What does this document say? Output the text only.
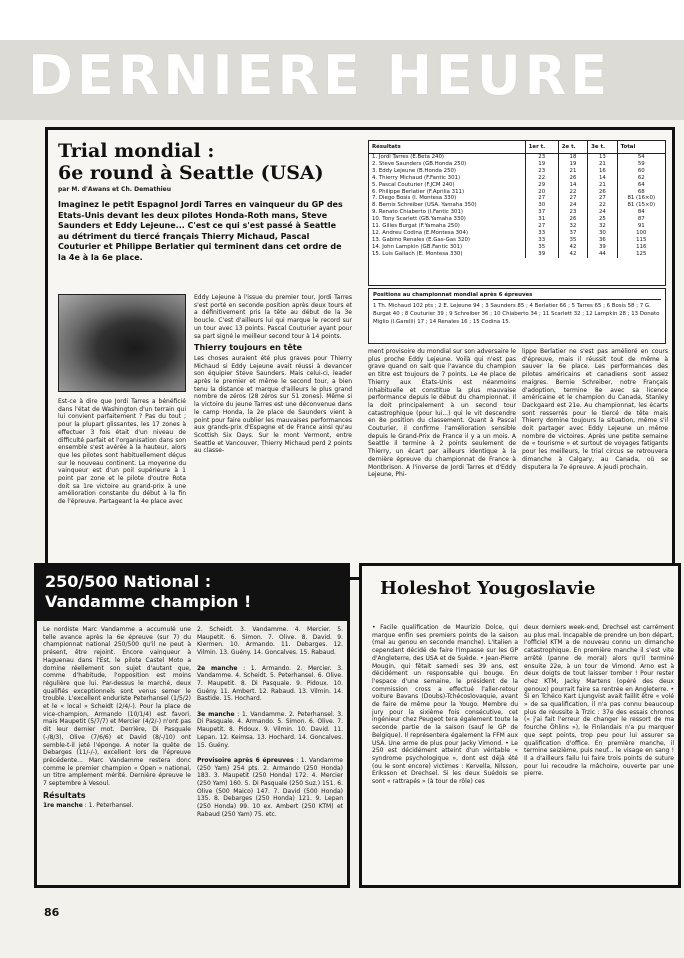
DERNIERE HEURE
Trial mondial :
6e round à Seattle (USA)
par M. d'Awans et Ch. Demathieu
Imaginez le petit Espagnol Jordi Tarres en vainqueur du GP des Etats-Unis devant les deux pilotes Honda-Roth mans, Steve Saunders et Eddy Lejeune... C'est ce qui s'est passé à Seattle au détriment du tiercé français Thierry Michaud, Pascal Couturier et Philippe Berlatier qui terminent dans cet ordre de la 4e à la 6e place.
Est-ce à dire que Jordi Tarres a bénéficié dans l'état de Washington d'un terrain qui lui convient parfaitement ? Pas du tout ; pour la plupart glissantes, les 17 zones à effectuer 3 fois était d'un niveau de difficulté parfait et l'organisation dans son ensemble s'est avérée à la hauteur, alors que les pilotes sont habituellement déçus sur le nouveau continent. La moyenne du vainqueur est d'un poil supérieure à 1 point par zone et le pilote d'outre Rota doit sa 1re victoire au grand-prix à une amélioration constante du début à la fin de l'épreuve. Partageant la 4e place avec
Eddy Lejeune à l'issue du premier tour, Jordi Tarres s'est porté en seconde position après deux tours et a définitivement pris la tête au début de la 3e boucle. C'est d'ailleurs lui qui marque le record sur un tour avec 13 points. Pascal Couturier ayant pour sa part signé le meilleur second tour à 14 points.
Thierry toujours en tête
Les choses auraient été plus graves pour Thierry Michaud si Eddy Lejeune avait réussi à devancer son équipier Steve Saunders. Mais celui-ci, leader après le premier et même le second tour, a bien tenu la distance et marque d'ailleurs le plus grand nombre de zéros (28 zéros sur 51 zones). Même si la victoire du jeune Tarres est une déconvenue dans le camp Honda, la 2e place de Saunders vient à point pour faire oublier les mauvaises performances aux grands-prix d'Espagne et de France ainsi qu'au Scottish Six Days. Sur le mont Vermont, entre Seattle et Vancouver, Thierry Michaud perd 2 points au classe-
ment provisoire du mondial sur son adversaire le plus proche Eddy Lejeune. Voilà qui n'est pas grave quand on sait que l'avance du champion en titre est toujours de 7 points. Le 4e place de Thierry aux Etats-Unis est néanmoins inhabituelle et constitue la plus mauvaise performance depuis le début du championnat. Il la doit principalement à un second tour catastrophique (pour lui...) qui le vit descendre en 8e position du classement. Quant à Pascal Couturier, il confirme l'amélioration sensible depuis le Grand-Prix de France il y a un mois. A Seattle il termine à 2 points seulement de Thierry, un écart par ailleurs identique à la dernière épreuve du championnat de France à Montbrison. A l'inverse de Jordi Tarres et d'Eddy Lejeune, Phi-
lippe Berlatier ne s'est pas amélioré en cours d'épreuve, mais il réussit tout de même à sauver la 6e place. Les performances des pilotes américains et canadiens sont assez maigres. Bernie Schreiber, notre Français d'adoption, termine 8e avec sa licence américaine et le champion du Canada, Stanley Dackgaard est 21e. Au championnat, les écarts sont resserrés pour le tiercé de tête mais Thierry domine toujours la situation, même s'il doit partager avec Eddy Lejeune un même nombre de victoires. Après une petite semaine de « tourisme » et surtout de voyages fatigants pour les meilleurs, le trial circus se retrouvera dimanche à Calgary, au Canada, où se disputera la 7e épreuve. A jeudi prochain.
Résultats	1er t.	2e t.	3e t.	Total
1. Jordi Tarres (E.Beta 240)	23	18	13	54
2. Steve Saunders (GB.Honda 250)	19	19	21	59
3. Eddy Lejeune (B.Honda 250)	23	21	16	60
4. Thierry Michaud (F.Fantic 301)	22	26	14	62
5. Pascal Couturier (F.JCM 240)	29	14	21	64
6. Philippe Berlatier (F.Aprilia 311)	20	22	26	68
7. Diego Bosis (I. Montesa 330)	27	27	27	81 (16×0)
8. Bernis Schreiber (USA. Yamaha 350)	30	24	22	81 (15×0)
9. Renato Chiaberto (I.Fantic 301)	37	23	24	84
10. Tony Scarlett (GB.Yamaha 330)	31	26	25	87
11. Gilles Burgat (F.Yamaha 250)	27	32	32	91
12. Andreu Codina (E.Montesa 304)	33	37	30	100
13. Gabino Renales (E.Gas-Gas 320)	33	35	36	115
14. John Lampkin (GB.Fantic 301)	35	42	39	116
15. Luis Gallach (E. Montesa 330)	39	42	44	125
Positions au championnat mondial après 6 épreuves
1 Th. Michaud 102 pts ; 2 E. Lejeune 94 ; 3 Saunders 85 ; 4 Berlatier 66 ; 5 Tarres 65 ; 6 Bosis 58 ; 7 G. Burgat 40 ; 8 Couturier 39 ; 9 Schreiber 36 ; 10 Chiaberto 34 ; 11 Scarlett 32 ; 12 Lampkin 28 ; 13 Donato Miglio (I.Garelli) 17 ; 14 Renales 16 ; 15 Codina 15.
250/500 National :
Vandamme champion !
Le nordiste Marc Vandamme a accumulé une telle avance après la 6e épreuve (sur 7) du championnat national 250/500 qu'il ne peut à présent, être rejoint. Encore vainqueur à Haguenau dans l'Est, le pilote Castel Moto a domine réellement son sujet d'autant que, comme d'habitude, l'opposition est moins régulière que lui. Par-dessus le marché, deux qualifiés exceptionnels sont venus semer le trouble. L'excellent enduriste Peterhansel (1/5/2) et le « local » Scheidt (2/4/-). Pour la place de vice-champion, Armando (10/1/4) est favori, mais Maupetit (5/7/7) et Mercier (4/2/-) n'ont pas dit leur dernier mot. Derrière, Di Pasquale (-/8/3), Olive (7/6/6) et David (8/-/10) ont semble-t-il jeté l'éponge. A noter la quête de Debarges (11/-/-), excellent lors de l'épreuve précédente... Marc Vandamme restera donc comme le premier champion « Open » national, un titre amplement mérité. Dernière épreuve le 7 septembre à Vesoul.
Résultats
1re manche : 1. Peterhansel.
2. Scheidt. 3. Vandamme. 4. Mercier. 5. Maupetit. 6. Simon. 7. Olive. 8. David. 9. Kiermen. 10. Armando. 11. Debarges. 12. Vilmin. 13. Guény. 14. Goncalves. 15. Rabaud.

2e manche : 1. Armando. 2. Mercier. 3. Vandamme. 4. Scheidt. 5. Peterhansel. 6. Olive. 7. Maupetit. 8. Di Pasquale. 9. Pidoux. 10. Guény. 11. Ambert. 12. Rabaud. 13. Vilmin. 14. Bastide. 15. Hochard.

3e manche : 1. Vandamme. 2. Peterhansel. 3. Di Pasquale. 4. Armando. 5. Simon. 6. Olive. 7. Maupetit. 8. Pidoux. 9. Vilmin. 10. David. 11. Lepan. 12. Keimsa. 13. Hochard. 14. Goncalves. 15. Guény.

Provisoire après 6 épreuves : 1. Vandamme (250 Yam) 254 pts. 2. Armando (250 Honda) 183. 3. Maupetit (250 Honda) 172. 4. Mercier (250 Yam) 160. 5. Di Pasquale (250 Suz.) 151. 6. Olive (500 Maico) 147. 7. David (500 Honda) 135. 8. Debarges (250 Honda) 121. 9. Lepan (250 Honda) 99. 10 ex. Ambert (250 KTM) et Rabaud (250 Yam) 75. etc.
Holeshot Yougoslavie
• Facile qualification de Maurizio Dolce, qui marque enfin ses premiers points de la saison (mal au genou en seconde manche). L'Italien a cependant décidé de faire l'impasse sur les GP d'Angleterre, des USA et de Suède. • Jean-Pierre Mougin, qui fêtait samedi ses 39 ans, est décidément un responsable qui bouge. En l'espace d'une semaine, le président de la commission cross a effectué l'aller-retour voiture Bavans (Doubs)-Tchécoslovaquie, avant de faire de même pour la Yougo. Membre du jury pour la sixième fois consécutive, cet ingénieur chez Peugeot tera également toute la seconde partie de la saison (sauf le GP de Belgique). Il représentera également la FFM aux USA. Une arme de plus pour Jacky Vimond. • Le 250 est décidément atteint d'un véritable « syndrome psychologique », dont est déjà été (ou le sont encore) victimes : Kervella, Nilsson, Eriksson et Drechsel. Si les deux Suédois se sont « rattrapés » (à tour de rôle) ces
deux derniers week-end, Drechsel est carrément au plus mal. Incapable de prendre un bon départ, l'officiel KTM a de nouveau connu un dimanche catastrophique. En première manche il s'est vite arrêté (panne de moral) alors qu'il terminé ensuite 22e, à un tour de Vimond. Arno est à deux doigts de tout laisser tomber ! Pour rester chez KTM, Jacky Martens (opéré des deux genoux) pourrait faire sa rentrée en Angleterre. • Si en Tchéco Kart Ljungvist avait faillit être « volé » de sa qualification, il n'a pas connu beaucoup plus de réussite à Trzic : 37e des essais chronos (« j'ai fait l'erreur de changer le ressort de ma fourche Öhlins »), le Finlandais n'a pu marquer que sept points, trop peu pour lui assurer sa qualification d'office. En première manche, il termine seizième, puis neuf... le visage en sang ! Il a d'ailleurs failu lui faire trois points de suture pour lui recoudre la mâchoire, ouverte par une pierre.
86
